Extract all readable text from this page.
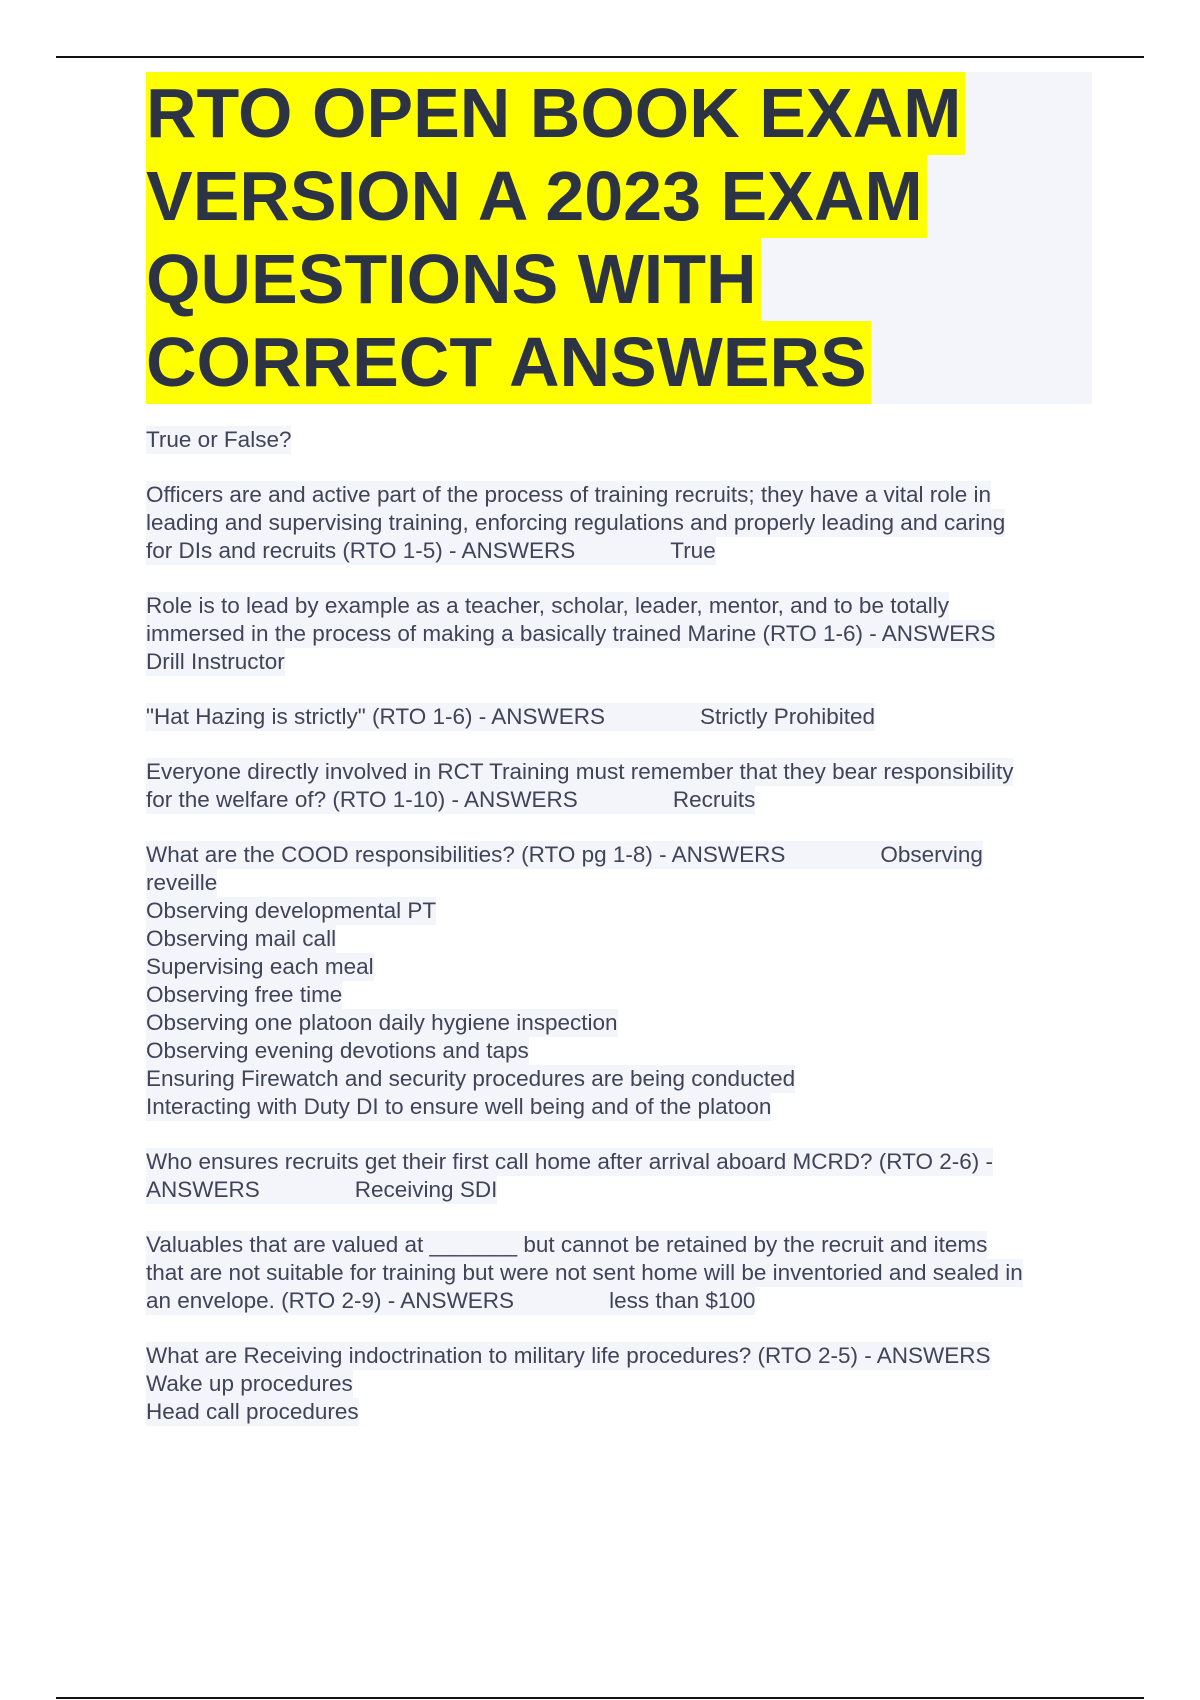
RTO OPEN BOOK EXAM
VERSION A 2023 EXAM
QUESTIONS WITH
CORRECT ANSWERS
True or False?
Officers are and active part of the process of training recruits; they have a vital role in
leading and supervising training, enforcing regulations and properly leading and caring
for DIs and recruits (RTO 1-5) - ANSWERS	True
Role is to lead by example as a teacher, scholar, leader, mentor, and to be totally
immersed in the process of making a basically trained Marine (RTO 1-6) - ANSWERS
Drill Instructor
"Hat Hazing is strictly" (RTO 1-6) - ANSWERS	Strictly Prohibited
Everyone directly involved in RCT Training must remember that they bear responsibility
for the welfare of? (RTO 1-10) - ANSWERS	Recruits
What are the COOD responsibilities? (RTO pg 1-8) - ANSWERS	Observing
reveille
Observing developmental PT
Observing mail call
Supervising each meal
Observing free time
Observing one platoon daily hygiene inspection
Observing evening devotions and taps
Ensuring Firewatch and security procedures are being conducted
Interacting with Duty DI to ensure well being and of the platoon
Who ensures recruits get their first call home after arrival aboard MCRD? (RTO 2-6) -
ANSWERS	Receiving SDI
Valuables that are valued at _______ but cannot be retained by the recruit and items
that are not suitable for training but were not sent home will be inventoried and sealed in
an envelope. (RTO 2-9) - ANSWERS	less than $100
What are Receiving indoctrination to military life procedures? (RTO 2-5) - ANSWERS
Wake up procedures
Head call procedures
